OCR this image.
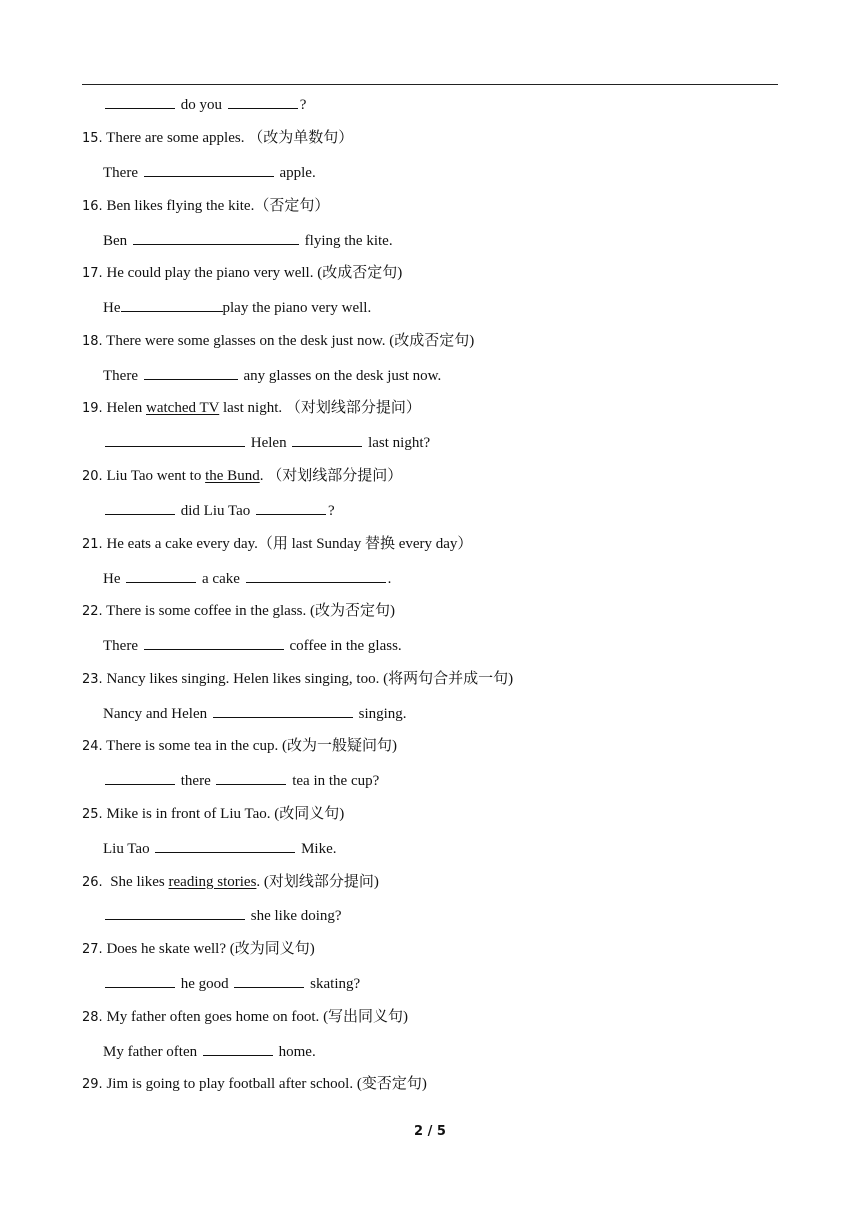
do you	?
15. There are some apples. （改为单数句）
There	apple.
16. Ben likes flying the kite.（否定句）
Ben	flying the kite.
17. He could play the piano very well. (改成否定句)
He	play the piano very well.
18. There were some glasses on the desk just now. (改成否定句)
There	any glasses on the desk just now.
19. Helen watched TV last night. （对划线部分提问）
Helen	last night?
20. Liu Tao went to the Bund. （对划线部分提问）
did Liu Tao	?
21. He eats a cake every day.（用 last Sunday 替换 every day）
He	a cake	.
22. There is some coffee in the glass. (改为否定句)
There	coffee in the glass.
23. Nancy likes singing. Helen likes singing, too. (将两句合并成一句)
Nancy and Helen	singing.
24. There is some tea in the cup. (改为一般疑问句)
there	tea in the cup?
25. Mike is in front of Liu Tao. (改同义句)
Liu Tao	Mike.
26. She likes reading stories. (对划线部分提问)
she like doing?
27. Does he skate well? (改为同义句)
he good	skating?
28. My father often goes home on foot. (写出同义句)
My father often	home.
29. Jim is going to play football after school. (变否定句)
2 / 5
